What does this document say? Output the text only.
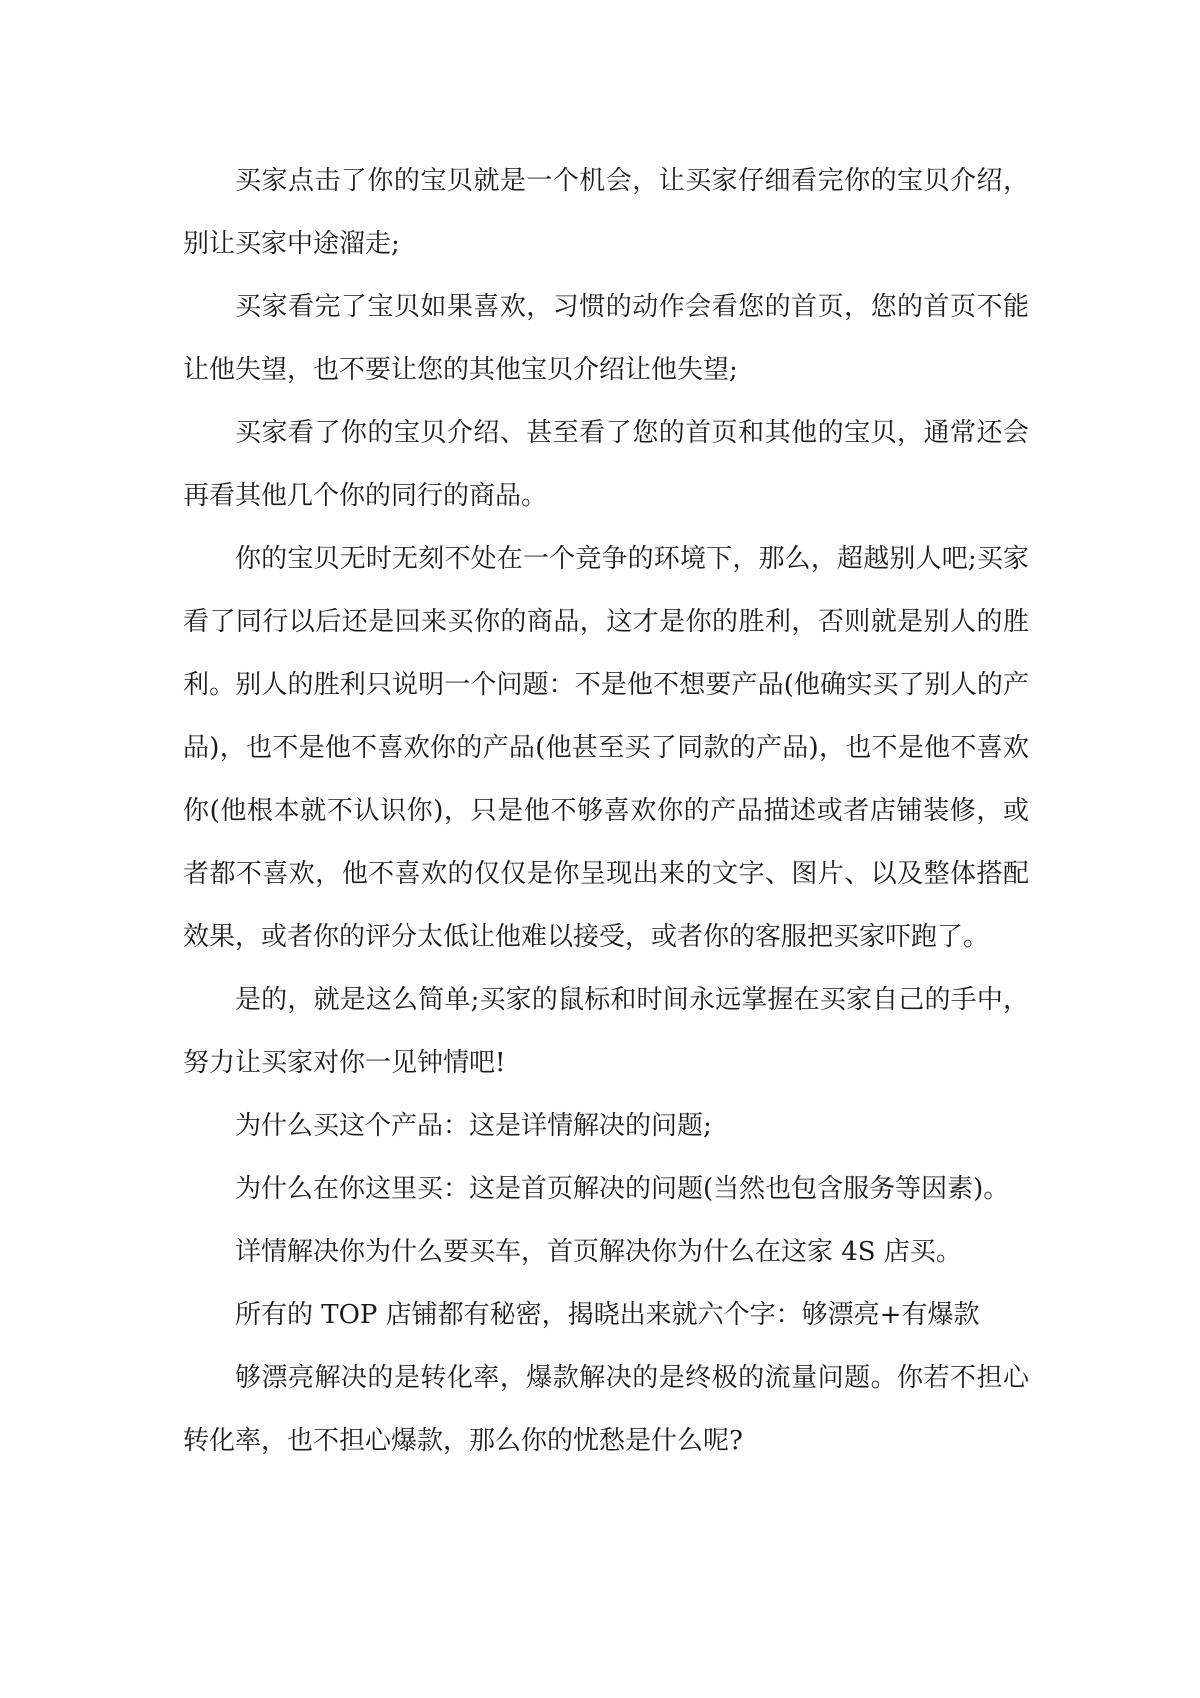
买家点击了你的宝贝就是一个机会，让买家仔细看完你的宝贝介绍，别让买家中途溜走;

买家看完了宝贝如果喜欢，习惯的动作会看您的首页，您的首页不能让他失望，也不要让您的其他宝贝介绍让他失望;

买家看了你的宝贝介绍、甚至看了您的首页和其他的宝贝，通常还会再看其他几个你的同行的商品。

你的宝贝无时无刻不处在一个竞争的环境下，那么，超越别人吧;买家看了同行以后还是回来买你的商品，这才是你的胜利，否则就是别人的胜利。别人的胜利只说明一个问题：不是他不想要产品(他确实买了别人的产品)，也不是他不喜欢你的产品(他甚至买了同款的产品)，也不是他不喜欢你(他根本就不认识你)，只是他不够喜欢你的产品描述或者店铺装修，或者都不喜欢，他不喜欢的仅仅是你呈现出来的文字、图片、以及整体搭配效果，或者你的评分太低让他难以接受，或者你的客服把买家吓跑了。

是的，就是这么简单;买家的鼠标和时间永远掌握在买家自己的手中，努力让买家对你一见钟情吧!

为什么买这个产品：这是详情解决的问题;

为什么在你这里买：这是首页解决的问题(当然也包含服务等因素)。

详情解决你为什么要买车，首页解决你为什么在这家 4S 店买。

所有的 TOP 店铺都有秘密，揭晓出来就六个字：够漂亮+有爆款

够漂亮解决的是转化率，爆款解决的是终极的流量问题。你若不担心转化率，也不担心爆款，那么你的忧愁是什么呢?
